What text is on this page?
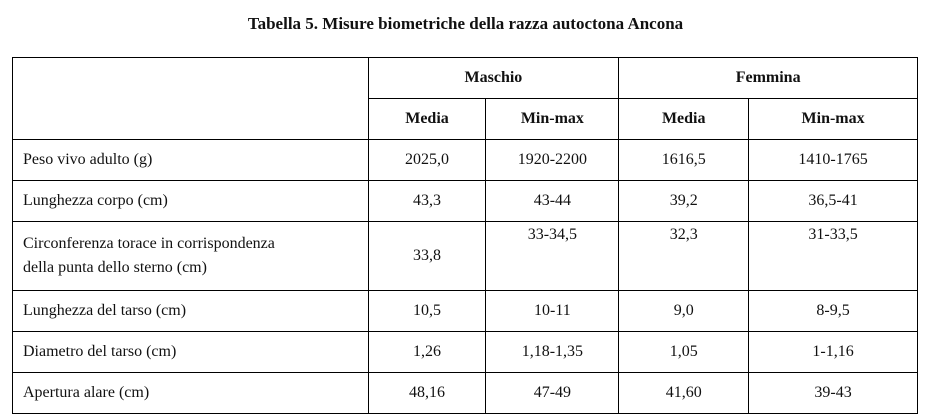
Tabella 5. Misure biometriche della razza autoctona Ancona
	Maschio		Femmina	
	Media	Min-max	Media	Min-max
Peso vivo adulto (g)	2025,0	1920-2200	1616,5	1410-1765
Lunghezza corpo (cm)	43,3	43-44	39,2	36,5-41
Circonferenza torace in corrispondenza
della punta dello sterno (cm)	33,8	33-34,5	32,3	31-33,5
Lunghezza del tarso (cm)	10,5	10-11	9,0	8-9,5
Diametro del tarso (cm)	1,26	1,18-1,35	1,05	1-1,16
Apertura alare (cm)	48,16	47-49	41,60	39-43
